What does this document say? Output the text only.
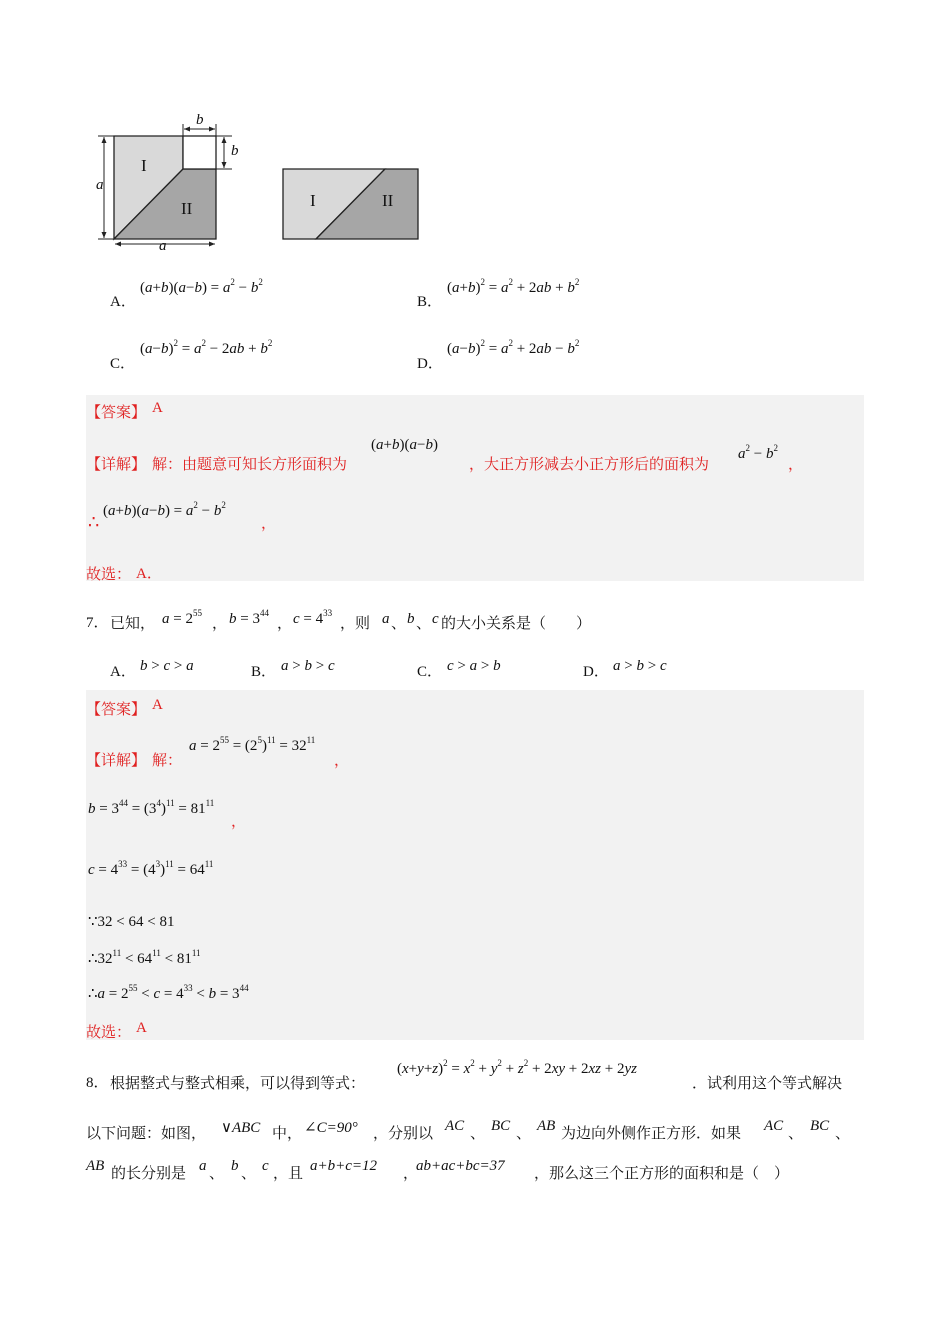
b
b
a
a
I
II	I	II
A．
$(a+b)(a-b) = a^2 - b^2$
B．
$(a+b)^2 = a^2 + 2ab + b^2$
C．
$(a-b)^2 = a^2 - 2ab + b^2$
D．
$(a-b)^2 = a^2 + 2ab - b^2$
【答案】 A
【详解】 解：由题意可知长方形面积为
(a+b)(a−b)
，大正方形减去小正方形后的面积为
$a^2 - b^2$
，
∴
$(a+b)(a-b) = a^2 - b^2$
，
故选： A．
7． 已知， $a = 2^{55}$
， $b = 3^{44}$
， $c = 4^{33}$
，则 a 、 b 、 c 的大小关系是（　　）
A． b > c > a	B． a > b > c	C． c > a > b	D． a > b > c
【答案】 A
【详解】 解：
$a = 2^{55} = (2^5)^{11} = 32^{11}$
，
$b = 3^{44} = (3^4)^{11} = 81^{11}$
，
$c = 4^{33} = (4^3)^{11} = 64^{11}$
∵32 < 64 < 81
$\therefore 32^{11} < 64^{11} < 81^{11}$
∴a = $2^{55} < c = 4^{33} < b = 3^{44}$
故选： A
8． 根据整式与整式相乘，可以得到等式：
$(x+y+z)^2 = x^2 + y^2 + z^2 + 2xy + 2xz + 2yz$
．试利用这个等式解决
以下问题：如图， ∨ABC 中， ∠C=90° ，分别以 AC 、 BC 、 AB 为边向外侧作正方形．如果 AC 、 BC 、
AB 的长分别是 a 、 b 、 c ，且 a+b+c=12 ，
ab+ac+bc=37 ，那么这三个正方形的面积和是（　）
